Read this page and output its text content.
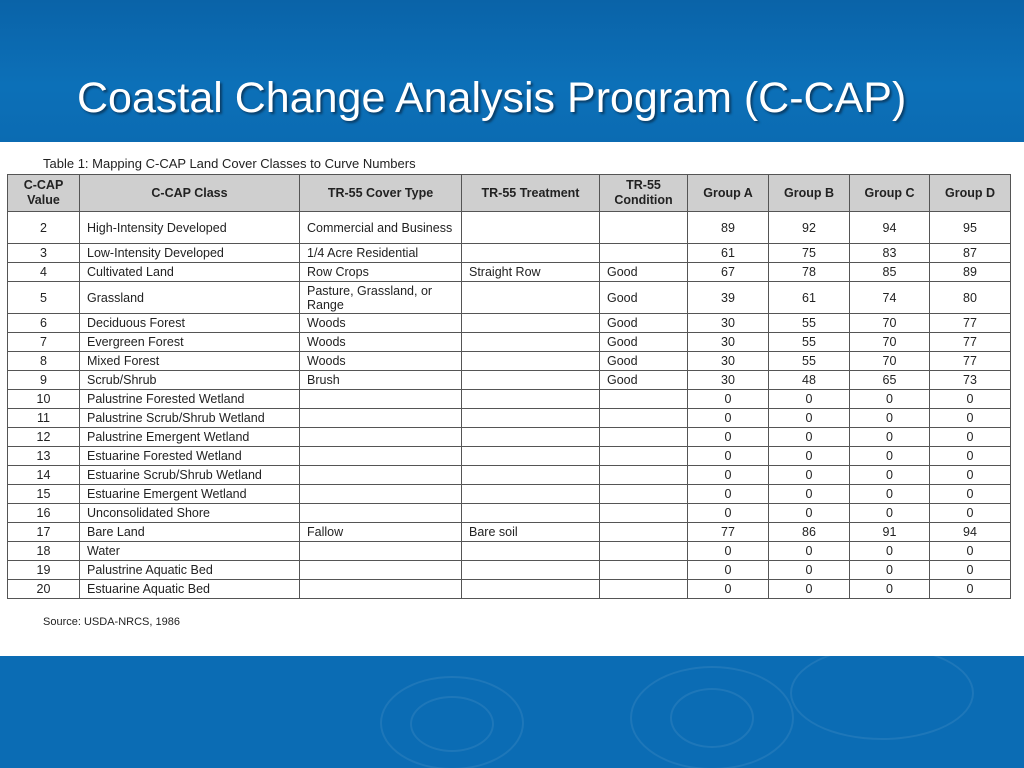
Coastal Change Analysis Program (C-CAP)
Table 1: Mapping C-CAP Land Cover Classes to Curve Numbers
C-CAP Value	C-CAP Class	TR-55 Cover Type	TR-55 Treatment	TR-55 Condition	Group A	Group B	Group C	Group D
2	High-Intensity Developed	Commercial and Business			89	92	94	95
3	Low-Intensity Developed	1/4 Acre Residential			61	75	83	87
4	Cultivated Land	Row Crops	Straight Row	Good	67	78	85	89
5	Grassland	Pasture, Grassland, or Range		Good	39	61	74	80
6	Deciduous Forest	Woods		Good	30	55	70	77
7	Evergreen Forest	Woods		Good	30	55	70	77
8	Mixed Forest	Woods		Good	30	55	70	77
9	Scrub/Shrub	Brush		Good	30	48	65	73
10	Palustrine Forested Wetland				0	0	0	0
11	Palustrine Scrub/Shrub Wetland				0	0	0	0
12	Palustrine Emergent Wetland				0	0	0	0
13	Estuarine Forested Wetland				0	0	0	0
14	Estuarine Scrub/Shrub Wetland				0	0	0	0
15	Estuarine Emergent Wetland				0	0	0	0
16	Unconsolidated Shore				0	0	0	0
17	Bare Land	Fallow	Bare soil		77	86	91	94
18	Water				0	0	0	0
19	Palustrine Aquatic Bed				0	0	0	0
20	Estuarine Aquatic Bed				0	0	0	0
Source: USDA-NRCS, 1986
